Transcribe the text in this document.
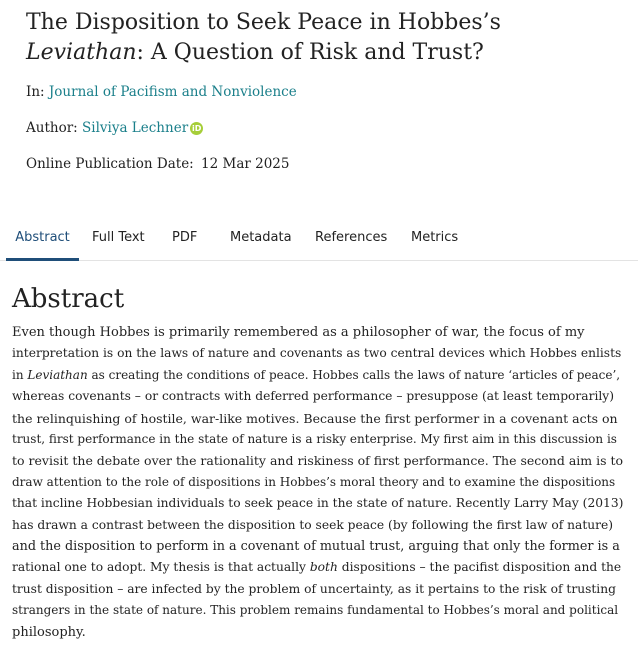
The Disposition to Seek Peace in Hobbes’s Leviathan: A Question of Risk and Trust?
In: Journal of Pacifism and Nonviolence
Author: Silviya Lechner iD
Online Publication Date: 12 Mar 2025
Abstract	Full Text PDF	Metadata References Metrics
Abstract

Even though Hobbes is primarily remembered as a philosopher of war, the focus of my
interpretation is on the laws of nature and covenants as two central devices which Hobbes enlists
in Leviathan as creating the conditions of peace. Hobbes calls the laws of nature ‘articles of peace’,
whereas covenants – or contracts with deferred performance – presuppose (at least temporarily)
the relinquishing of hostile, war-like motives. Because the first performer in a covenant acts on
trust, first performance in the state of nature is a risky enterprise. My first aim in this discussion is
to revisit the debate over the rationality and riskiness of first performance. The second aim is to
draw attention to the role of dispositions in Hobbes’s moral theory and to examine the dispositions
that incline Hobbesian individuals to seek peace in the state of nature. Recently Larry May (2013)
has drawn a contrast between the disposition to seek peace (by following the first law of nature)
and the disposition to perform in a covenant of mutual trust, arguing that only the former is a
rational one to adopt. My thesis is that actually both dispositions – the pacifist disposition and the
trust disposition – are infected by the problem of uncertainty, as it pertains to the risk of trusting
strangers in the state of nature. This problem remains fundamental to Hobbes’s moral and political
philosophy.
